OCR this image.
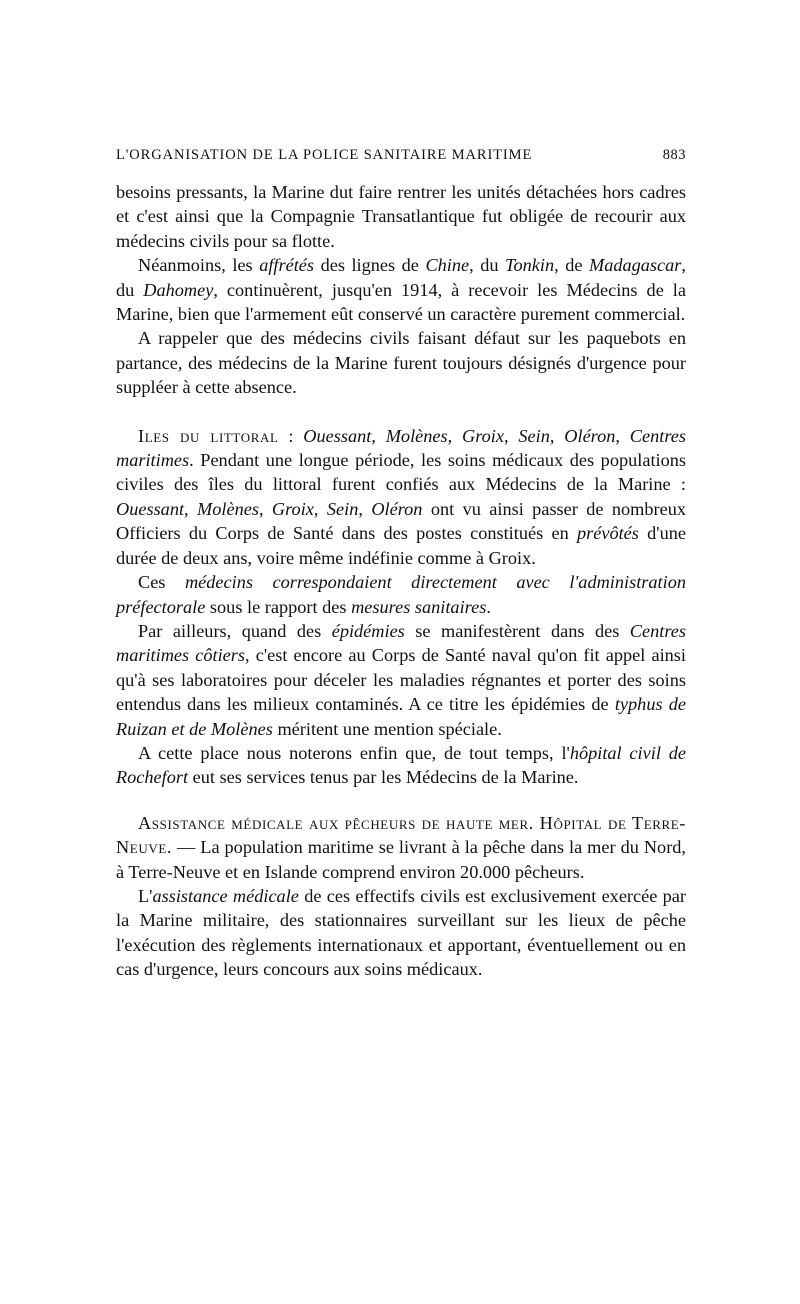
L'ORGANISATION DE LA POLICE SANITAIRE MARITIME	883

besoins pressants, la Marine dut faire rentrer les unités détachées hors cadres et c'est ainsi que la Compagnie Transatlantique fut obligée de recourir aux médecins civils pour sa flotte.

Néanmoins, les affrétés des lignes de Chine, du Tonkin, de Madagascar, du Dahomey, continuèrent, jusqu'en 1914, à recevoir les Médecins de la Marine, bien que l'armement eût conservé un caractère purement commercial.

A rappeler que des médecins civils faisant défaut sur les paquebots en partance, des médecins de la Marine furent toujours désignés d'urgence pour suppléer à cette absence.

Iles du littoral : Ouessant, Molènes, Groix, Sein, Oléron, Centres maritimes. Pendant une longue période, les soins médicaux des populations civiles des îles du littoral furent confiés aux Médecins de la Marine : Ouessant, Molènes, Groix, Sein, Oléron ont vu ainsi passer de nombreux Officiers du Corps de Santé dans des postes constitués en prévôtés d'une durée de deux ans, voire même indéfinie comme à Groix.

Ces médecins correspondaient directement avec l'administration préfectorale sous le rapport des mesures sanitaires.

Par ailleurs, quand des épidémies se manifestèrent dans des Centres maritimes côtiers, c'est encore au Corps de Santé naval qu'on fit appel ainsi qu'à ses laboratoires pour déceler les maladies régnantes et porter des soins entendus dans les milieux contaminés. A ce titre les épidémies de typhus de Ruizan et de Molènes méritent une mention spéciale.

A cette place nous noterons enfin que, de tout temps, l'hôpital civil de Rochefort eut ses services tenus par les Médecins de la Marine.

Assistance médicale aux pêcheurs de haute mer. Hôpital de Terre-Neuve. — La population maritime se livrant à la pêche dans la mer du Nord, à Terre-Neuve et en Islande comprend environ 20.000 pêcheurs.

L'assistance médicale de ces effectifs civils est exclusivement exercée par la Marine militaire, des stationnaires surveillant sur les lieux de pêche l'exécution des règlements internationaux et apportant, éventuellement ou en cas d'urgence, leurs concours aux soins médicaux.
